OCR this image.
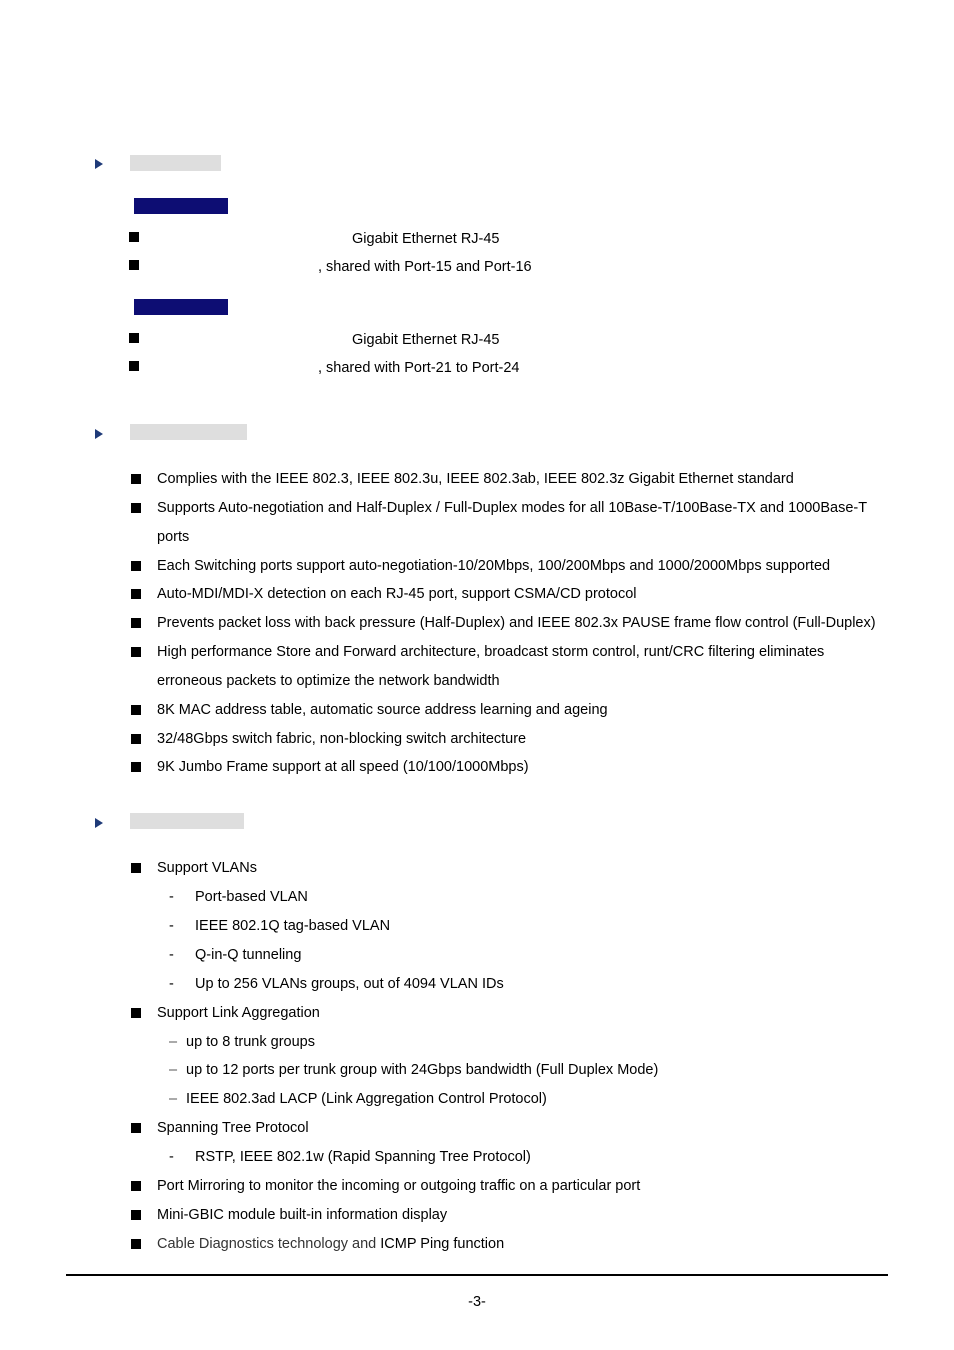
Gigabit Ethernet RJ-45
, shared with Port-15 and Port-16
Gigabit Ethernet RJ-45
, shared with Port-21 to Port-24
Complies with the IEEE 802.3, IEEE 802.3u, IEEE 802.3ab, IEEE 802.3z Gigabit Ethernet standard
Supports Auto-negotiation and Half-Duplex / Full-Duplex modes for all 10Base-T/100Base-TX and 1000Base-T
ports
Each Switching ports support auto-negotiation-10/20Mbps, 100/200Mbps and 1000/2000Mbps supported
Auto-MDI/MDI-X detection on each RJ-45 port, support CSMA/CD protocol
Prevents packet loss with back pressure (Half-Duplex) and IEEE 802.3x PAUSE frame flow control (Full-Duplex)
High performance Store and Forward architecture, broadcast storm control, runt/CRC filtering eliminates
erroneous packets to optimize the network bandwidth
8K MAC address table, automatic source address learning and ageing
32/48Gbps switch fabric, non-blocking switch architecture
9K Jumbo Frame support at all speed (10/100/1000Mbps)
Support VLANs
- Port-based VLAN
- IEEE 802.1Q tag-based VLAN
- Q-in-Q tunneling
- Up to 256 VLANs groups, out of 4094 VLAN IDs
Support Link Aggregation
– up to 8 trunk groups
– up to 12 ports per trunk group with 24Gbps bandwidth (Full Duplex Mode)
– IEEE 802.3ad LACP (Link Aggregation Control Protocol)
Spanning Tree Protocol
- RSTP, IEEE 802.1w (Rapid Spanning Tree Protocol)
Port Mirroring to monitor the incoming or outgoing traffic on a particular port
Mini-GBIC module built-in information display
Cable Diagnostics technology and ICMP Ping function
-3-
